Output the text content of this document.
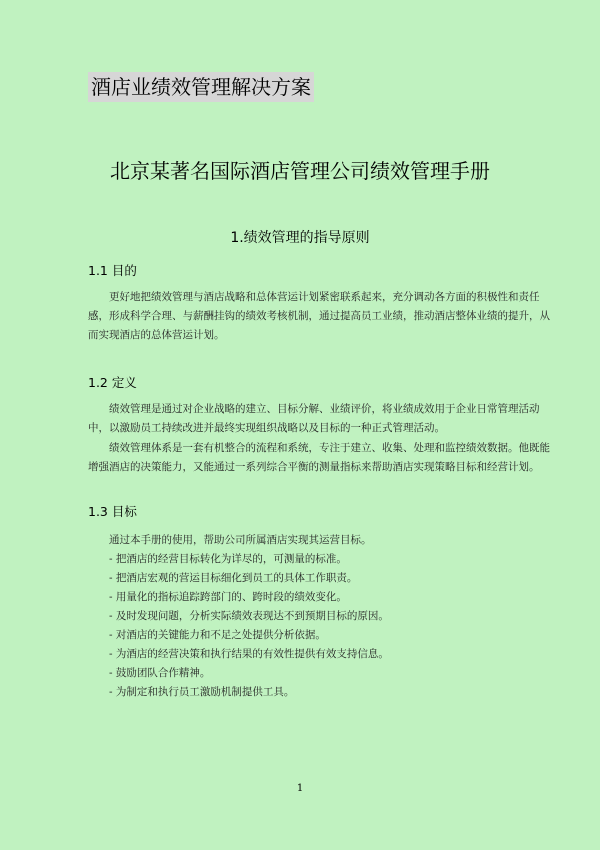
酒店业绩效管理解决方案
北京某著名国际酒店管理公司绩效管理手册
1.绩效管理的指导原则
1.1 目的

更好地把绩效管理与酒店战略和总体营运计划紧密联系起来，充分调动各方面的积极性和责任感，形成科学合理、与薪酬挂钩的绩效考核机制，通过提高员工业绩，推动酒店整体业绩的提升，从而实现酒店的总体营运计划。

1.2 定义

绩效管理是通过对企业战略的建立、目标分解、业绩评价，将业绩成效用于企业日常管理活动中，以激励员工持续改进并最终实现组织战略以及目标的一种正式管理活动。

绩效管理体系是一套有机整合的流程和系统，专注于建立、收集、处理和监控绩效数据。他既能增强酒店的决策能力，又能通过一系列综合平衡的测量指标来帮助酒店实现策略目标和经营计划。

1.3 目标
通过本手册的使用，帮助公司所属酒店实现其运营目标。
- 把酒店的经营目标转化为详尽的，可测量的标准。
- 把酒店宏观的营运目标细化到员工的具体工作职责。
- 用量化的指标追踪跨部门的、跨时段的绩效变化。
- 及时发现问题，分析实际绩效表现达不到预期目标的原因。
- 对酒店的关键能力和不足之处提供分析依据。
- 为酒店的经营决策和执行结果的有效性提供有效支持信息。
- 鼓励团队合作精神。
- 为制定和执行员工激励机制提供工具。
1
